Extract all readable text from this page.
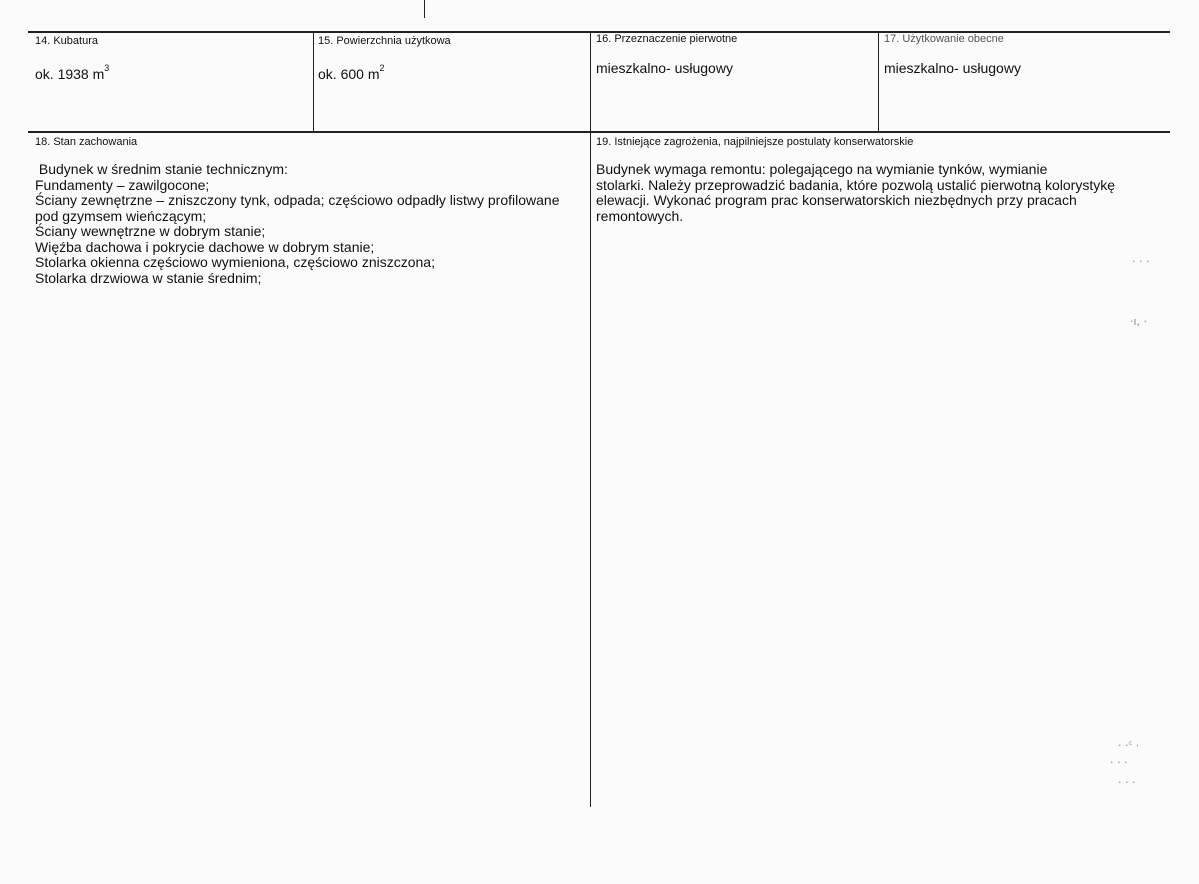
14. Kubatura
ok. 1938 $m^3$
15. Powierzchnia użytkowa
ok. 600 $m^2$
16. Przeznaczenie pierwotne
mieszkalno- usługowy
17. Użytkowanie obecne
mieszkalno- usługowy
18. Stan zachowania
Budynek w średnim stanie technicznym:
Fundamenty – zawilgocone;
Ściany zewnętrzne – zniszczony tynk, odpada; częściowo odpadły listwy profilowane
pod gzymsem wieńczącym;
Ściany wewnętrzne w dobrym stanie;
Więźba dachowa i pokrycie dachowe w dobrym stanie;
Stolarka okienna częściowo wymieniona, częściowo zniszczona;
Stolarka drzwiowa w stanie średnim;
19. Istniejące zagrożenia, najpilniejsze postulaty konserwatorskie
Budynek wymaga remontu: polegającego na wymianie tynków, wymianie
stolarki. Należy przeprowadzić badania, które pozwolą ustalić pierwotną kolorystykę
elewacji. Wykonać program prac konserwatorskich niezbędnych przy pracach
remontowych.
· · ·
·ı, ·
· ·꜂ ·
· · ·
· · ·
